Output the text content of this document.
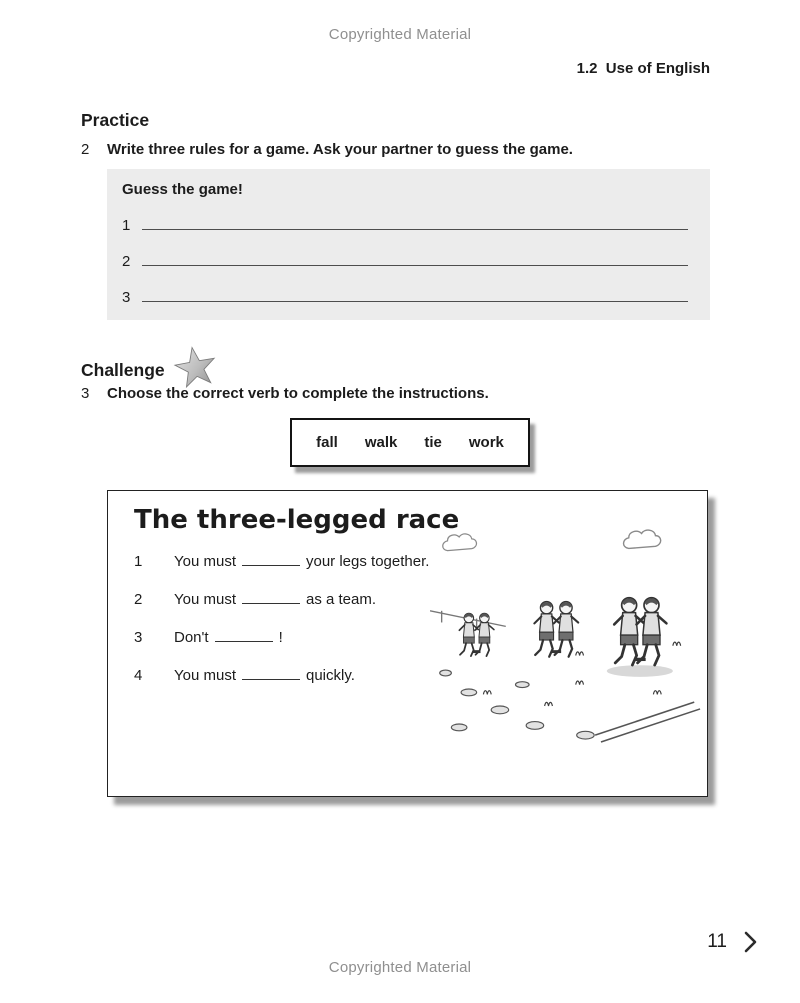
Copyrighted Material
1.2  Use of English
Practice
2	Write three rules for a game. Ask your partner to guess the game.
Guess the game!
1
2
3
Challenge
3	Choose the correct verb to complete the instructions.
fall walk tie work
The three-legged race
1	You must	your legs together.
2	You must	as a team.
3	Don't	!
4	You must	quickly.
11
Copyrighted Material
